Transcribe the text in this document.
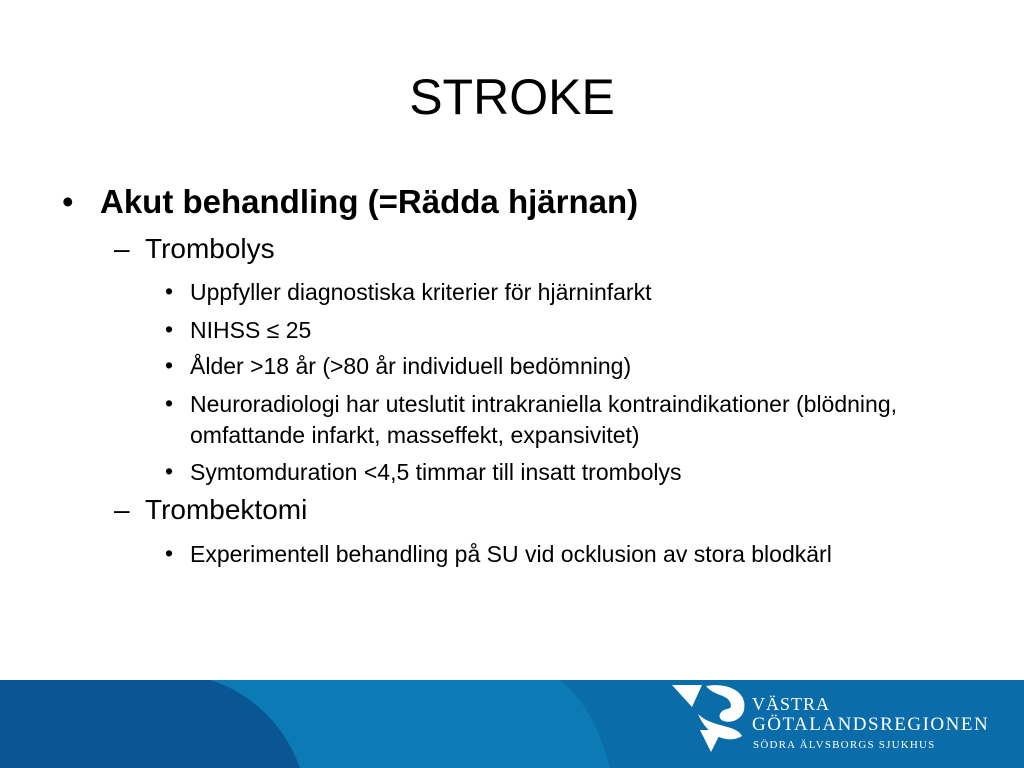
STROKE
• Akut behandling (=Rädda hjärnan)
– Trombolys
• Uppfyller diagnostiska kriterier för hjärninfarkt
• NIHSS ≤ 25
• Ålder >18 år (>80 år individuell bedömning)
• Neuroradiologi har uteslutit intrakraniella kontraindikationer (blödning, omfattande infarkt, masseffekt, expansivitet)
• Symtomduration <4,5 timmar till insatt trombolys
– Trombektomi
• Experimentell behandling på SU vid ocklusion av stora blodkärl
VÄSTRA
GÖTALANDSREGIONEN
SÖDRA ÄLVSBORGS SJUKHUS
